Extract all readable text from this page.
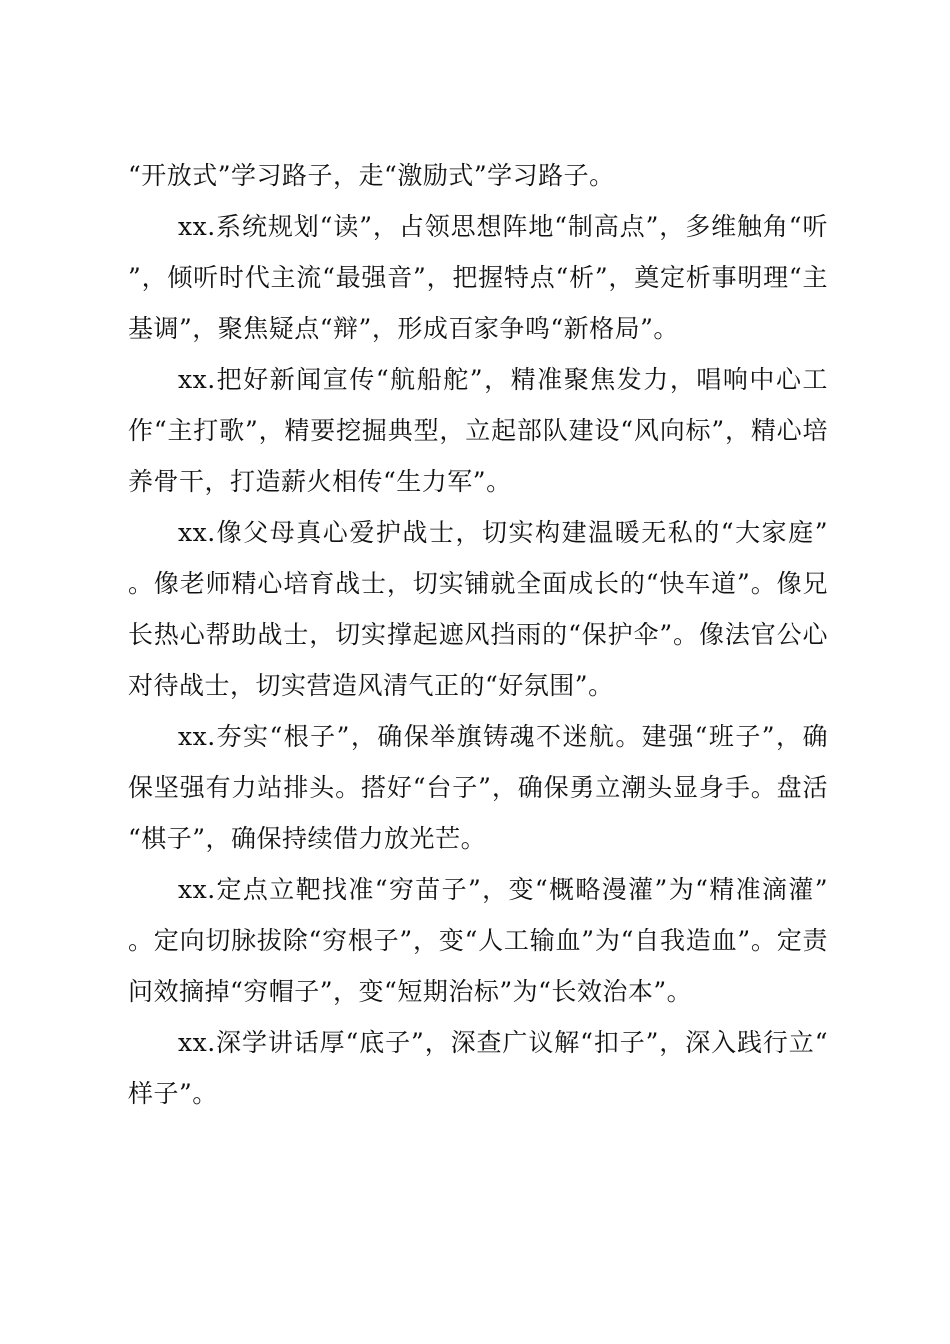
“开放式”学习路子，走“激励式”学习路子。

xx.系统规划“读”，占领思想阵地“制高点”，多维触角“听”，倾听时代主流“最强音”，把握特点“析”，奠定析事明理“主基调”，聚焦疑点“辩”，形成百家争鸣“新格局”。

xx.把好新闻宣传“航船舵”，精准聚焦发力，唱响中心工作“主打歌”，精要挖掘典型，立起部队建设“风向标”，精心培养骨干，打造薪火相传“生力军”。

xx.像父母真心爱护战士，切实构建温暖无私的“大家庭”。像老师精心培育战士，切实铺就全面成长的“快车道”。像兄长热心帮助战士，切实撑起遮风挡雨的“保护伞”。像法官公心对待战士，切实营造风清气正的“好氛围”。

xx.夯实“根子”，确保举旗铸魂不迷航。建强“班子”，确保坚强有力站排头。搭好“台子”，确保勇立潮头显身手。盘活“棋子”，确保持续借力放光芒。

xx.定点立靶找准“穷苗子”，变“概略漫灌”为“精准滴灌”。定向切脉拔除“穷根子”，变“人工输血”为“自我造血”。定责问效摘掉“穷帽子”，变“短期治标”为“长效治本”。

xx.深学讲话厚“底子”，深查广议解“扣子”，深入践行立“样子”。
